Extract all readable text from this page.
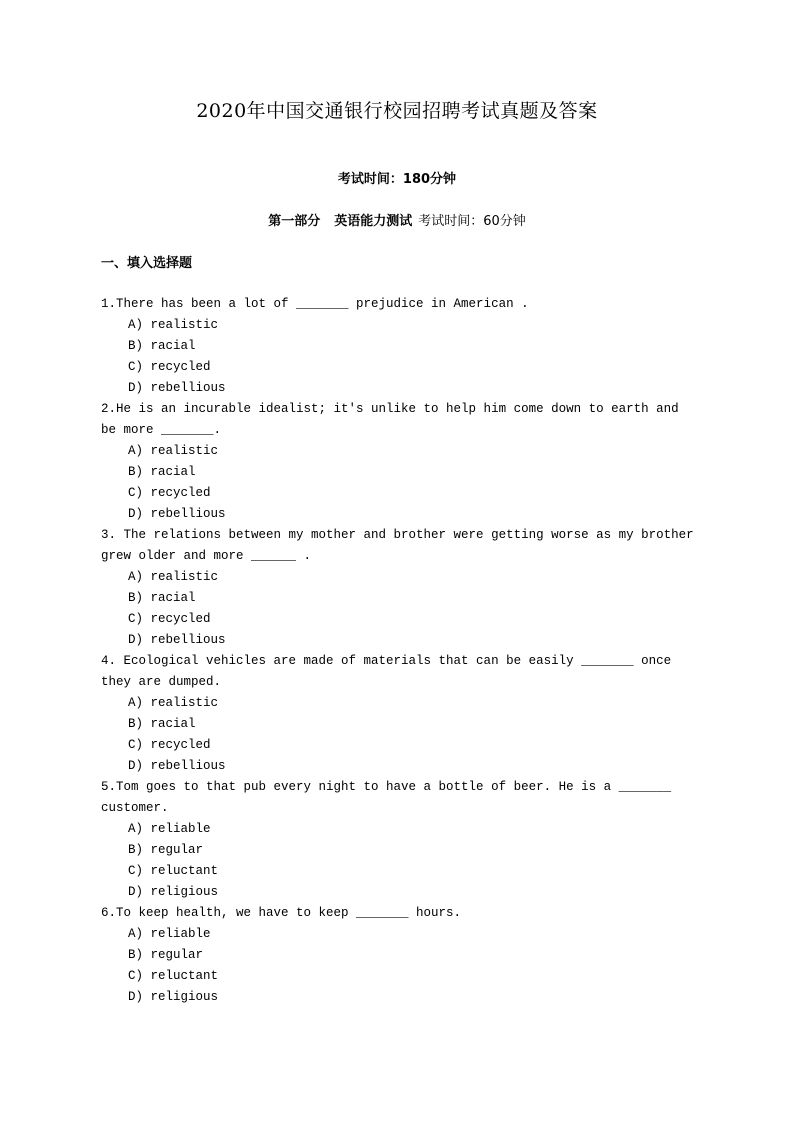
2020年中国交通银行校园招聘考试真题及答案
考试时间：180分钟
第一部分 英语能力测试 考试时间：60分钟
一、填入选择题
1.There has been a lot of _______ prejudice in American .
A) realistic
B) racial
C) recycled
D) rebellious
2.He is an incurable idealist; it's unlike to help him come down to earth and be more _______.
A) realistic
B) racial
C) recycled
D) rebellious
3. The relations between my mother and brother were getting worse as my brother grew older and more ______ .
A) realistic
B) racial
C) recycled
D) rebellious
4. Ecological vehicles are made of materials that can be easily _______ once they are dumped.
A) realistic
B) racial
C) recycled
D) rebellious
5.Tom goes to that pub every night to have a bottle of beer. He is a _______ customer.
A) reliable
B) regular
C) reluctant
D) religious
6.To keep health, we have to keep _______ hours.
A) reliable
B) regular
C) reluctant
D) religious
